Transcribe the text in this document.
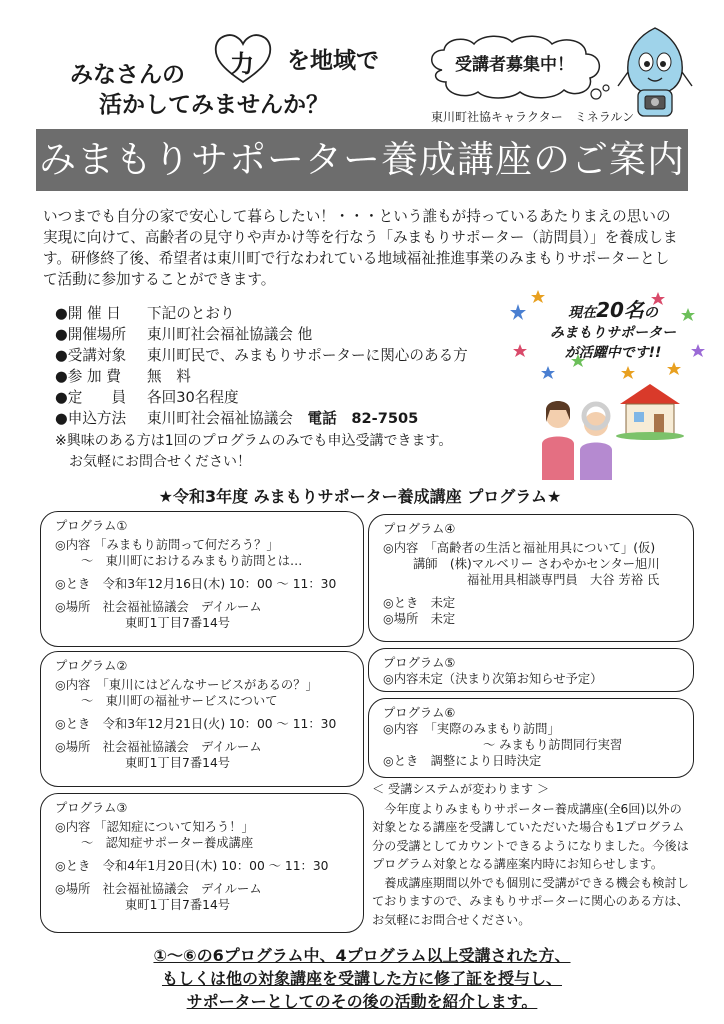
みなさんの 力 を地域で
活かしてみませんか？
受講者募集中！
東川町社協キャラクター　ミネラルン
みまもりサポーター養成講座のご案内
いつまでも自分の家で安心して暮らしたい！・・・という誰もが持っているあたりまえの思いの実現に向けて、高齢者の見守りや声かけ等を行なう「みまもりサポーター（訪問員）」を養成します。研修終了後、希望者は東川町で行なわれている地域福祉推進事業のみまもりサポーターとして活動に参加することができます。
●開 催 日 下記のとおり
●開催場所 東川町社会福祉協議会 他
●受講対象 東川町民で、みまもりサポーターに関心のある方
●参 加 費 無　料
●定　　員 各回30名程度
●申込方法 東川町社会福祉協議会　電話　82-7505
※興味のある方は1回のプログラムのみでも申込受講できます。
お気軽にお問合せください！
現在20名の
みまもりサポーター
が活躍中です!!
★令和3年度 みまもりサポーター養成講座 プログラム★
プログラム①
◎内容 「みまもり訪問って何だろう？」
～　東川町におけるみまもり訪問とは…
◎とき　令和3年12月16日(木) 10：00 ～ 11：30
◎場所　社会福祉協議会　デイルーム
東町1丁目7番14号
プログラム②
◎内容　「東川にはどんなサービスがあるの？」
～　東川町の福祉サービスについて
◎とき　令和3年12月21日(火) 10：00 ～ 11：30
◎場所　社会福祉協議会　デイルーム
東町1丁目7番14号
プログラム③
◎内容 「認知症について知ろう！」
～　認知症サポーター養成講座
◎とき　令和4年1月20日(木) 10：00 ～ 11：30
◎場所　社会福祉協議会　デイルーム
東町1丁目7番14号
プログラム④
◎内容　「高齢者の生活と福祉用具について」(仮)
講師　(株)マルベリー さわやかセンター旭川
福祉用具相談専門員　大谷 芳裕 氏
◎とき　未定
◎場所　未定
プログラム⑤
◎内容未定（決まり次第お知らせ予定）
プログラム⑥
◎内容　「実際のみまもり訪問」
～ みまもり訪問同行実習
◎とき　調整により日時決定
＜ 受講システムが変わります ＞
今年度よりみまもりサポーター養成講座(全6回)以外の対象となる講座を受講していただいた場合も1プログラム分の受講としてカウントできるようになりました。今後はプログラム対象となる講座案内時にお知らせします。
養成講座期間以外でも個別に受講ができる機会も検討しておりますので、みまもりサポーターに関心のある方は、お気軽にお問合せください。
①～⑥の6プログラム中、4プログラム以上受講された方、
もしくは他の対象講座を受講した方に修了証を授与し、
サポーターとしてのその後の活動を紹介します。
